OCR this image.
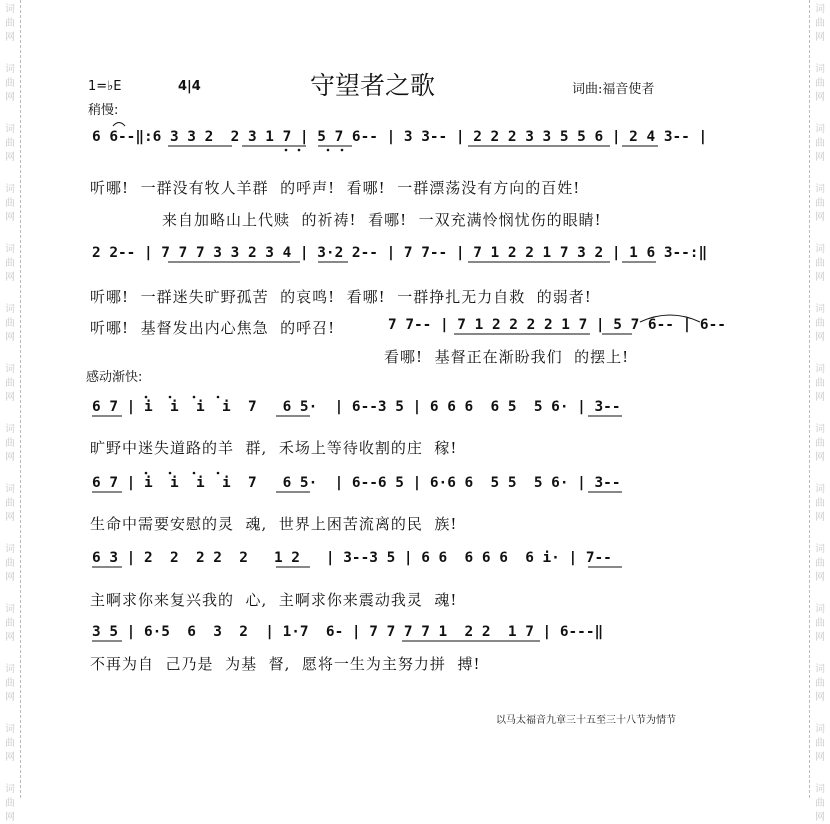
词
曲
网
词
曲
网
词
曲
网
词
曲
网
词
曲
网
词
曲
网
词
曲
网
词
曲
网
词
曲
网
词
曲
网
词
曲
网
词
曲
网
词
曲
网
词
曲
网
词
曲
网
词
曲
网
词
曲
网
词
曲
网
词
曲
网
词
曲
网
词
曲
网
词
曲
网
词
曲
网
词
曲
网
词
曲
网
词
曲
网
词
曲
网
词
曲
网
1=♭E	4|4	守望者之歌	词曲:福音使者
稍慢:
6 6--‖:6 3 3 2  2 3 1 7 | 5 7 6-- | 3 3-- | 2 2 2 3 3 5 5 6 | 2 4 3-- |
听哪!  一群没有牧人羊群  的呼声!  看哪!  一群漂荡没有方向的百姓!
来自加略山上代赎  的祈祷!  看哪!  一双充满怜悯忧伤的眼睛!
2 2-- | 7 7 7 3 3 2 3 4 | 3·2 2-- | 7 7-- | 7 1 2 2 1 7 3 2 | 1 6 3--:‖
听哪!  一群迷失旷野孤苦  的哀鸣!  看哪!  一群挣扎无力自救  的弱者!
听哪!  基督发出内心焦急  的呼召!	7 7-- | 7 1 2 2 2 2 1 7 | 5 7 6-- | 6--
看哪!  基督正在渐盼我们  的摆上!
感动渐快:
6 7 | i  i  i  i  7   6 5·  | 6--3 5 | 6 6 6  6 5  5 6· | 3--
旷野中迷失道路的羊  群,  禾场上等待收割的庄  稼!
6 7 | i  i  i  i  7   6 5·  | 6--6 5 | 6·6 6  5 5  5 6· | 3--
生命中需要安慰的灵  魂,  世界上困苦流离的民  族!
6 3 | 2  2  2 2  2   1 2   | 3--3 5 | 6 6  6 6 6  6 i· | 7--
主啊求你来复兴我的  心,  主啊求你来震动我灵  魂!
3 5 | 6·5  6  3  2  | 1·7  6- | 7 7 7 7 1  2 2  1 7 | 6---‖
不再为自  己乃是  为基  督,  愿将一生为主努力拼  搏!
以马太福音九章三十五至三十八节为情节
